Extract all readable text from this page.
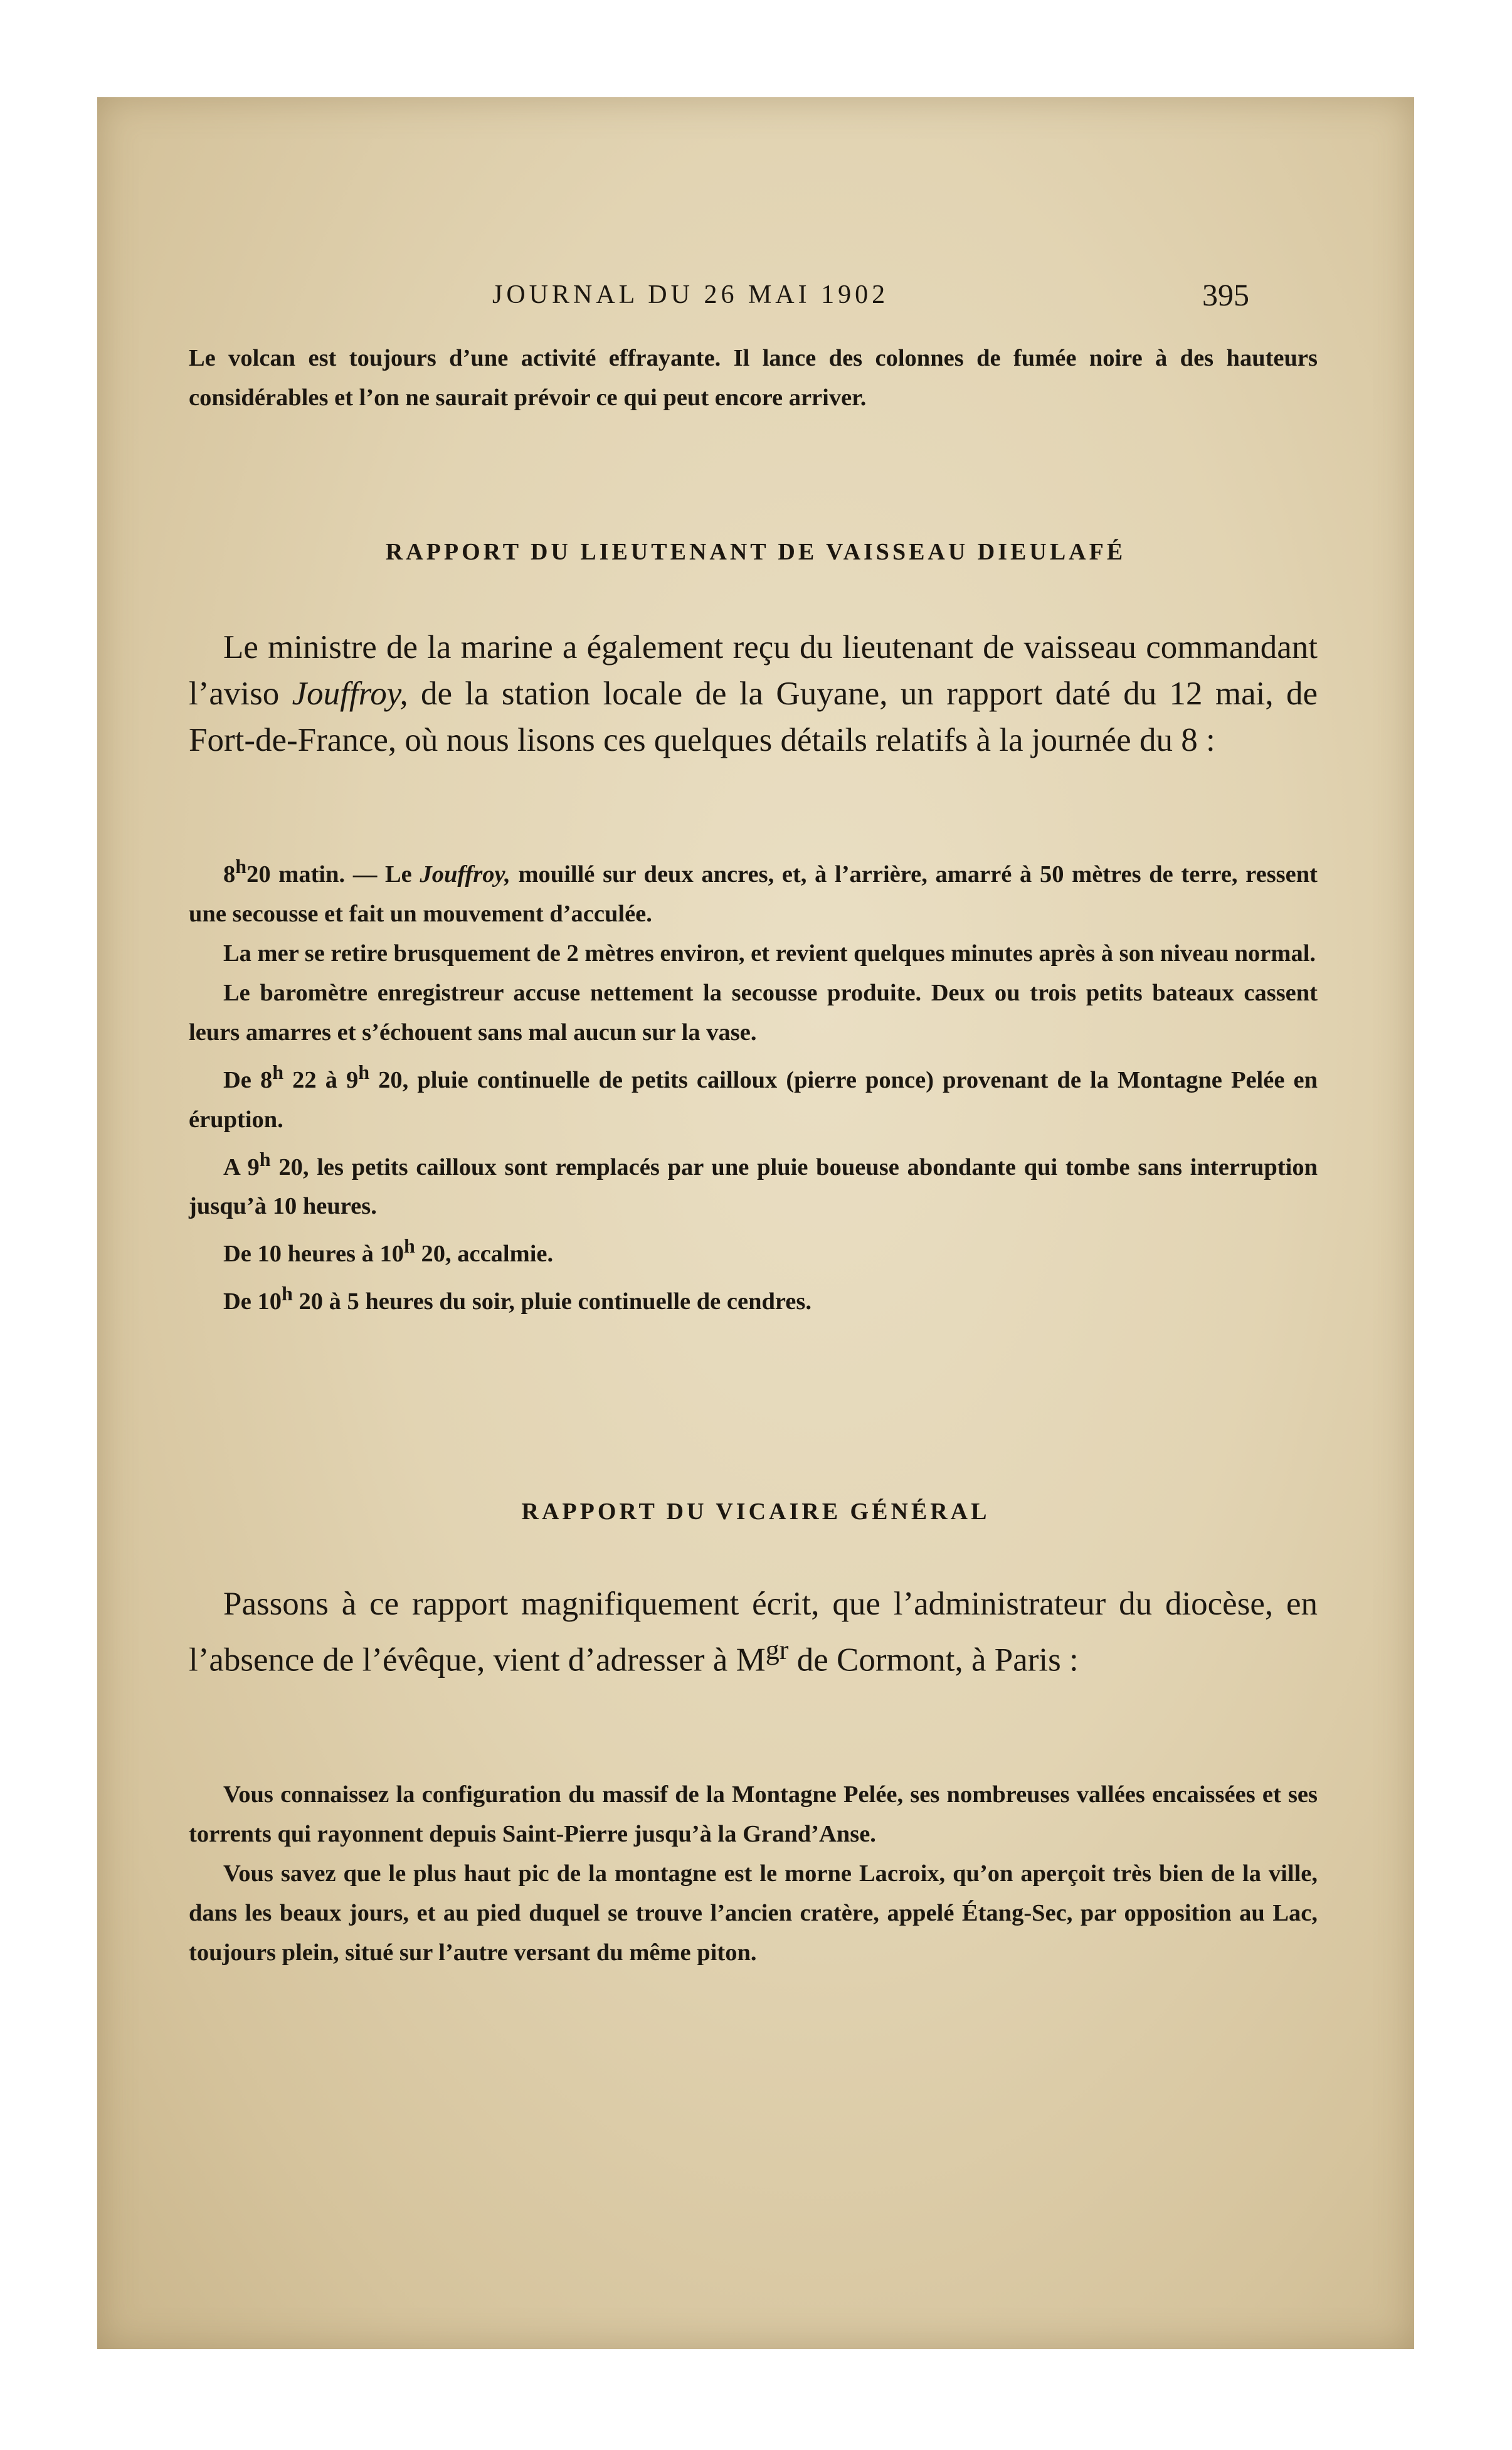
JOURNAL DU 26 MAI 1902	395

Le volcan est toujours d’une activité effrayante. Il lance des colonnes de fumée noire à des hauteurs considérables et l’on ne saurait prévoir ce qui peut encore arriver.

RAPPORT DU LIEUTENANT DE VAISSEAU DIEULAFÉ

Le ministre de la marine a également reçu du lieutenant de vaisseau commandant l’aviso Jouffroy, de la station locale de la Guyane, un rapport daté du 12 mai, de Fort-de-France, où nous lisons ces quelques détails relatifs à la journée du 8 :

8$^h$20 matin. — Le Jouffroy, mouillé sur deux ancres, et, à l’arrière, amarré à 50 mètres de terre, ressent une secousse et fait un mouvement d’acculée.

La mer se retire brusquement de 2 mètres environ, et revient quelques minutes après à son niveau normal.

Le baromètre enregistreur accuse nettement la secousse produite. Deux ou trois petits bateaux cassent leurs amarres et s’échouent sans mal aucun sur la vase.

De 8$^h$ 22 à 9$^h$ 20, pluie continuelle de petits cailloux (pierre ponce) provenant de la Montagne Pelée en éruption.

A 9$^h$ 20, les petits cailloux sont remplacés par une pluie boueuse abondante qui tombe sans interruption jusqu’à 10 heures.

De 10 heures à 10$^h$ 20, accalmie.

De 10$^h$ 20 à 5 heures du soir, pluie continuelle de cendres.

RAPPORT DU VICAIRE GÉNÉRAL

Passons à ce rapport magnifiquement écrit, que l’administrateur du diocèse, en l’absence de l’évêque, vient d’adresser à $M^{gr}$ de Cormont, à Paris :

Vous connaissez la configuration du massif de la Montagne Pelée, ses nombreuses vallées encaissées et ses torrents qui rayonnent depuis Saint-Pierre jusqu’à la Grand’Anse.

Vous savez que le plus haut pic de la montagne est le morne Lacroix, qu’on aperçoit très bien de la ville, dans les beaux jours, et au pied duquel se trouve l’ancien cratère, appelé Étang-Sec, par opposition au Lac, toujours plein, situé sur l’autre versant du même piton.
